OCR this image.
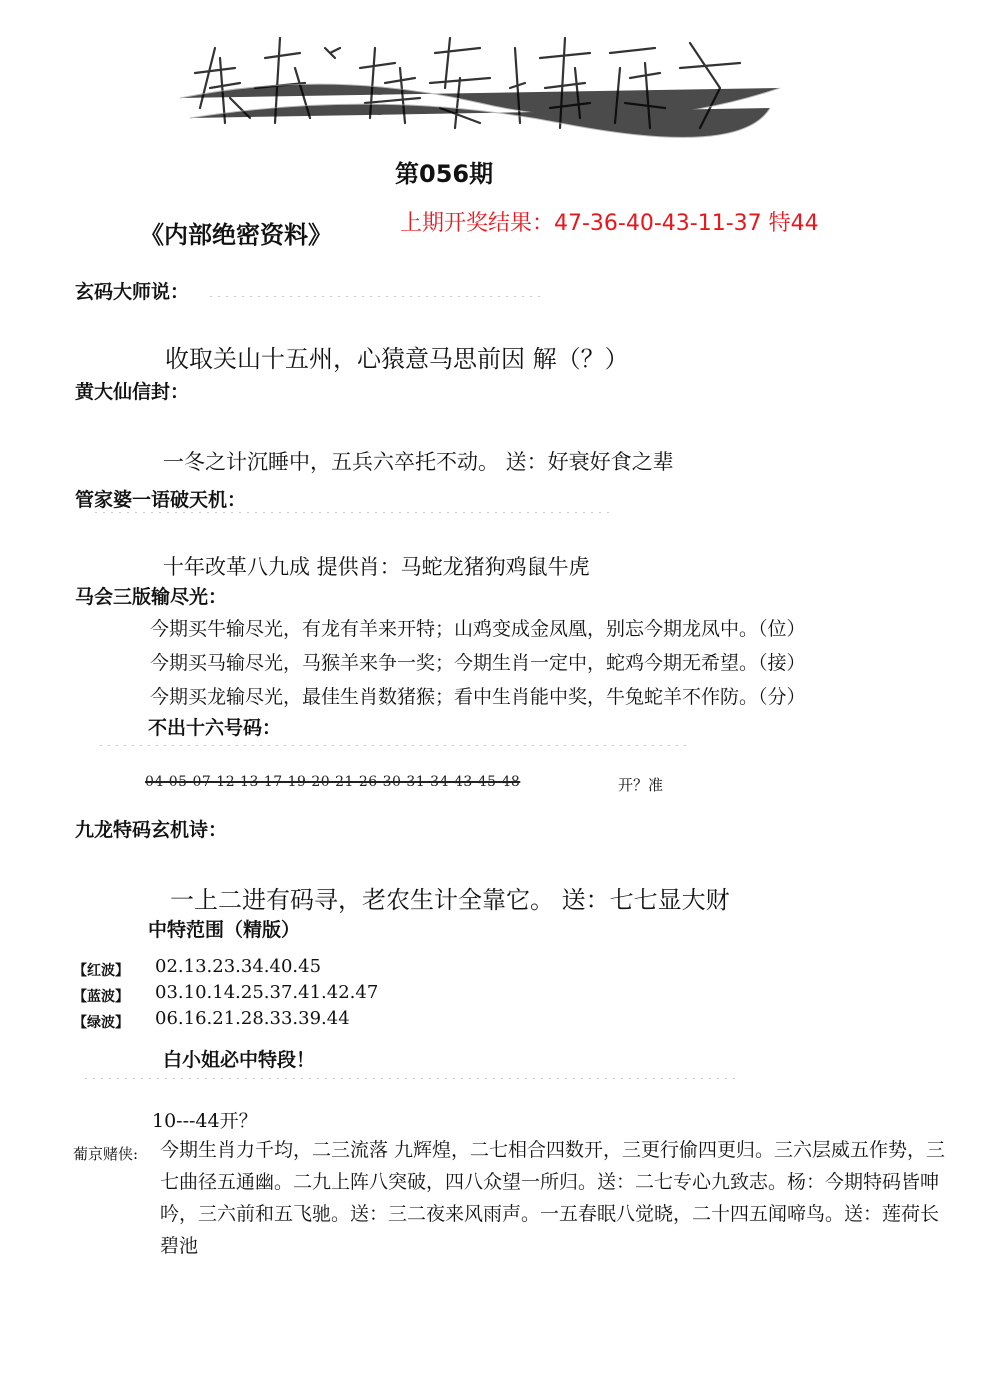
第056期
《内部绝密资料》	上期开奖结果：47-36-40-43-11-37 特44
玄码大师说：
收取关山十五州，心猿意马思前因 解（？）
黄大仙信封：
一冬之计沉睡中，五兵六卒托不动。 送：好衰好食之辈
管家婆一语破天机：
十年改革八九成 提供肖：马蛇龙猪狗鸡鼠牛虎
马会三版输尽光：
今期买牛输尽光，有龙有羊来开特；山鸡变成金凤凰，别忘今期龙凤中。（位）
今期买马输尽光，马猴羊来争一奖；今期生肖一定中，蛇鸡今期无希望。（接）
今期买龙输尽光，最佳生肖数猪猴；看中生肖能中奖，牛兔蛇羊不作防。（分）
不出十六号码：
04 05 07 12 13 17 19 20 21 26 30 31 34 43 45 48	开？准
九龙特码玄机诗：
一上二进有码寻，老农生计全靠它。 送：七七显大财
中特范围（精版）
【红波】 02.13.23.34.40.45
【蓝波】 03.10.14.25.37.41.42.47
【绿波】 06.16.21.28.33.39.44
白小姐必中特段！
10---44开？
葡京赌侠: 今期生肖力千均，二三流落 九辉煌，二七相合四数开，三更行偷四更归。三六层威五作势，三七曲径五通幽。二九上阵八突破，四八众望一所归。送：二七专心九致志。杨：今期特码皆呻吟，三六前和五飞驰。送：三二夜来风雨声。一五春眠八觉晓，二十四五闻啼鸟。送：莲荷长碧池
